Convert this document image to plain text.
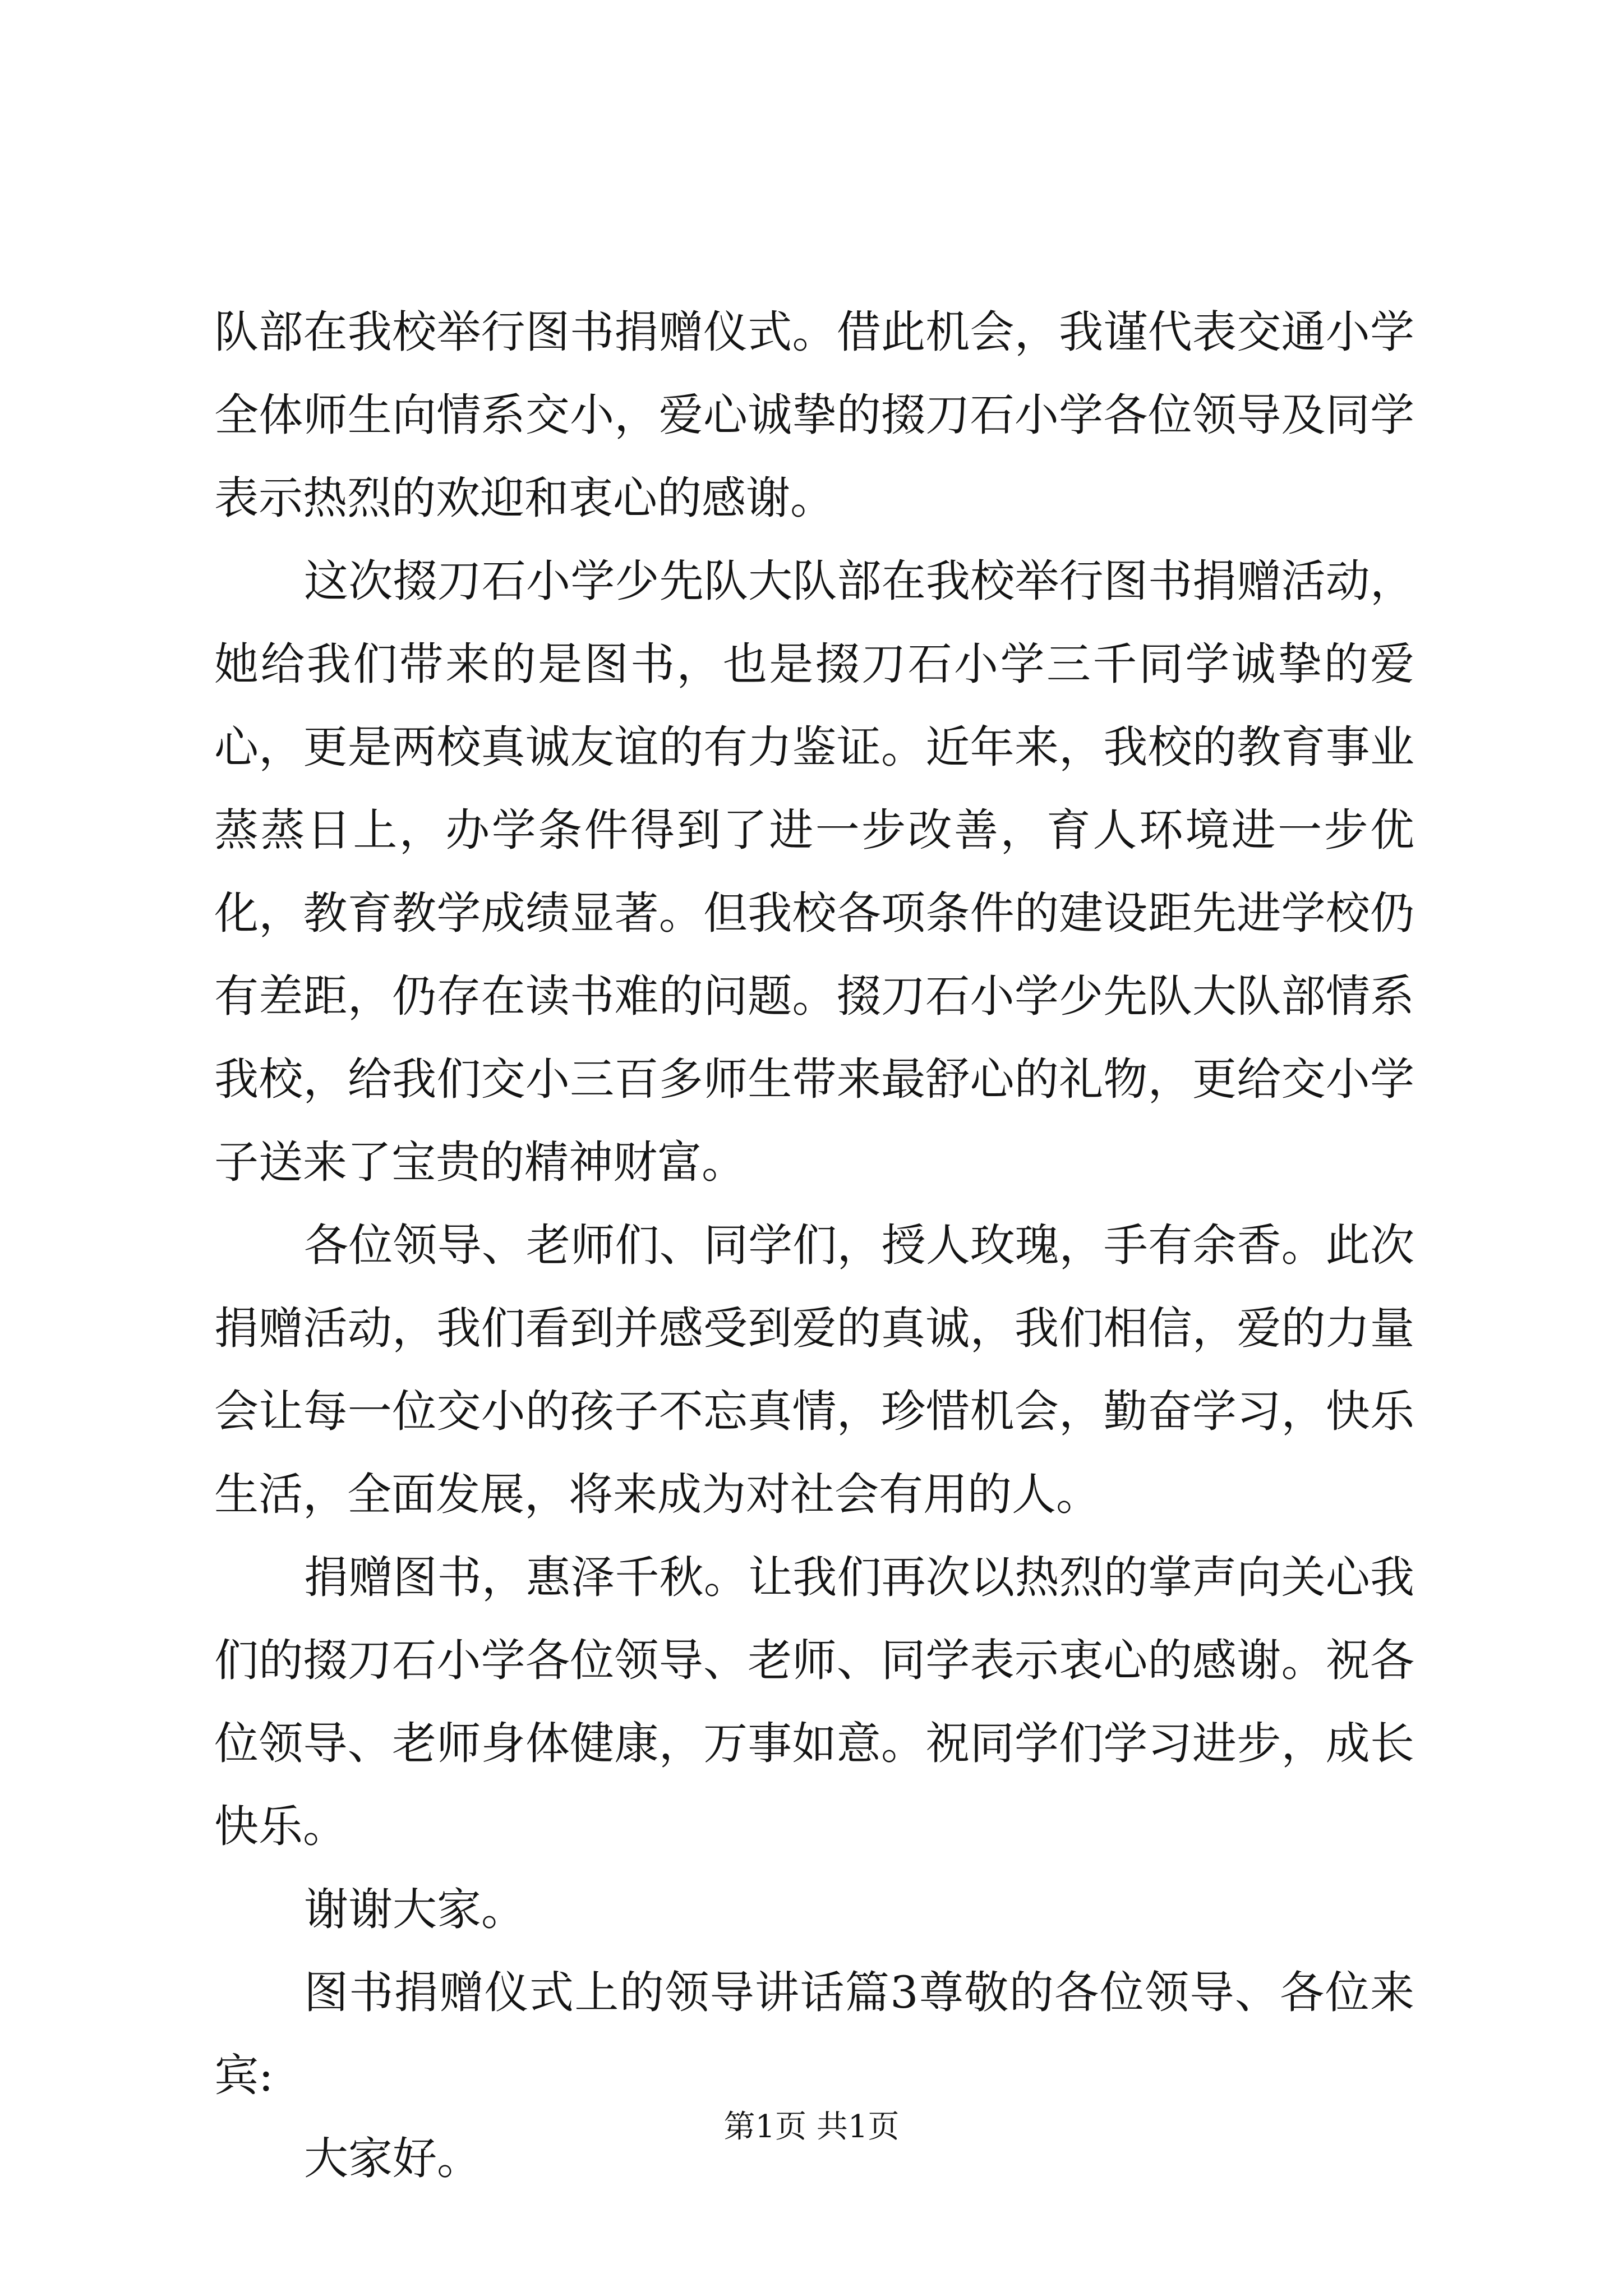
队部在我校举行图书捐赠仪式。借此机会，我谨代表交通小学全体师生向情系交小，爱心诚挚的掇刀石小学各位领导及同学表示热烈的欢迎和衷心的感谢。

这次掇刀石小学少先队大队部在我校举行图书捐赠活动，她给我们带来的是图书，也是掇刀石小学三千同学诚挚的爱心，更是两校真诚友谊的有力鉴证。近年来，我校的教育事业蒸蒸日上，办学条件得到了进一步改善，育人环境进一步优化，教育教学成绩显著。但我校各项条件的建设距先进学校仍有差距，仍存在读书难的问题。掇刀石小学少先队大队部情系我校，给我们交小三百多师生带来最舒心的礼物，更给交小学子送来了宝贵的精神财富。

各位领导、老师们、同学们，授人玫瑰，手有余香。此次捐赠活动，我们看到并感受到爱的真诚，我们相信，爱的力量会让每一位交小的孩子不忘真情，珍惜机会，勤奋学习，快乐生活，全面发展，将来成为对社会有用的人。

捐赠图书，惠泽千秋。让我们再次以热烈的掌声向关心我们的掇刀石小学各位领导、老师、同学表示衷心的感谢。祝各位领导、老师身体健康，万事如意。祝同学们学习进步，成长快乐。

谢谢大家。

图书捐赠仪式上的领导讲话篇3尊敬的各位领导、各位来宾:

大家好。

第1页 共1页
